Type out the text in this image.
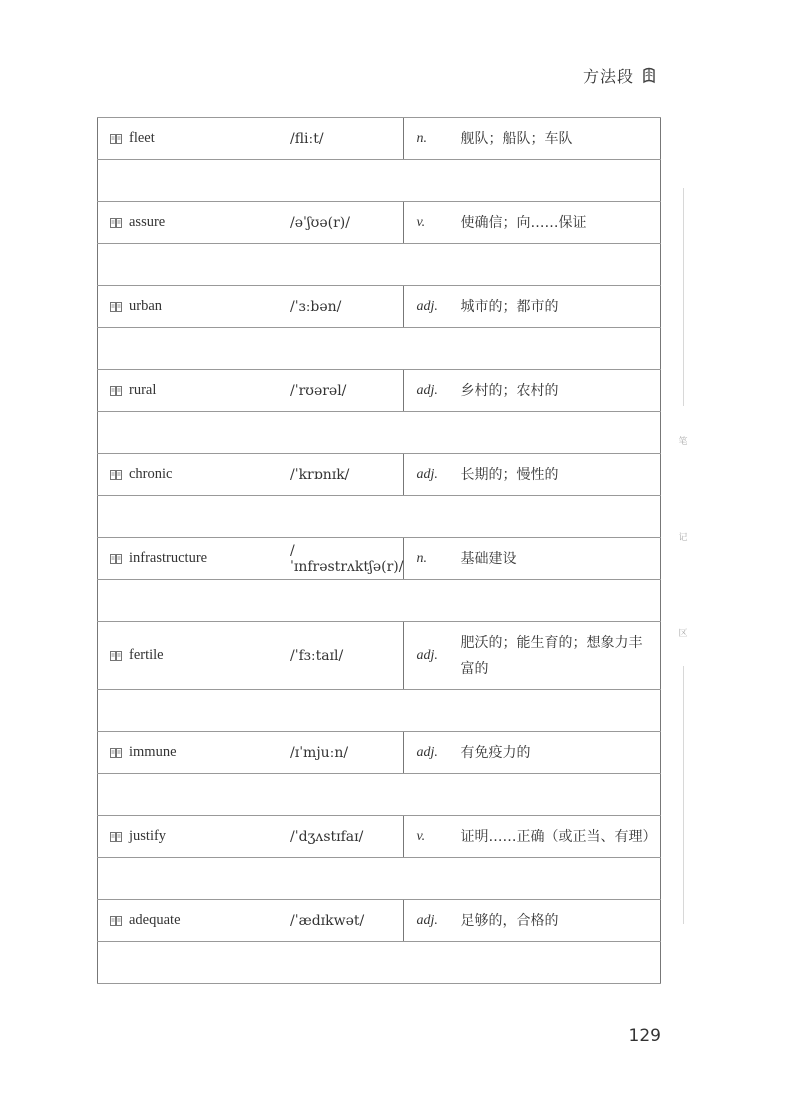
方法段
fleet	/fliːt/	n.	舰队；船队；车队

assure	/əˈʃʊə(r)/	v.	使确信；向……保证

urban	/ˈɜːbən/	adj.	城市的；都市的

rural	/ˈrʊərəl/	adj.	乡村的；农村的

chronic	/ˈkrɒnɪk/	adj.	长期的；慢性的

infrastructure	/ˈɪnfrəstrʌktʃə(r)/	n.	基础建设

fertile	/ˈfɜːtaɪl/	adj.	肥沃的；能生育的；想象力丰富的

immune	/ɪˈmjuːn/	adj.	有免疫力的

justify	/ˈdʒʌstɪfaɪ/	v.	证明……正确（或正当、有理）

adequate	/ˈædɪkwət/	adj.	足够的，合格的

笔
记
区
129
